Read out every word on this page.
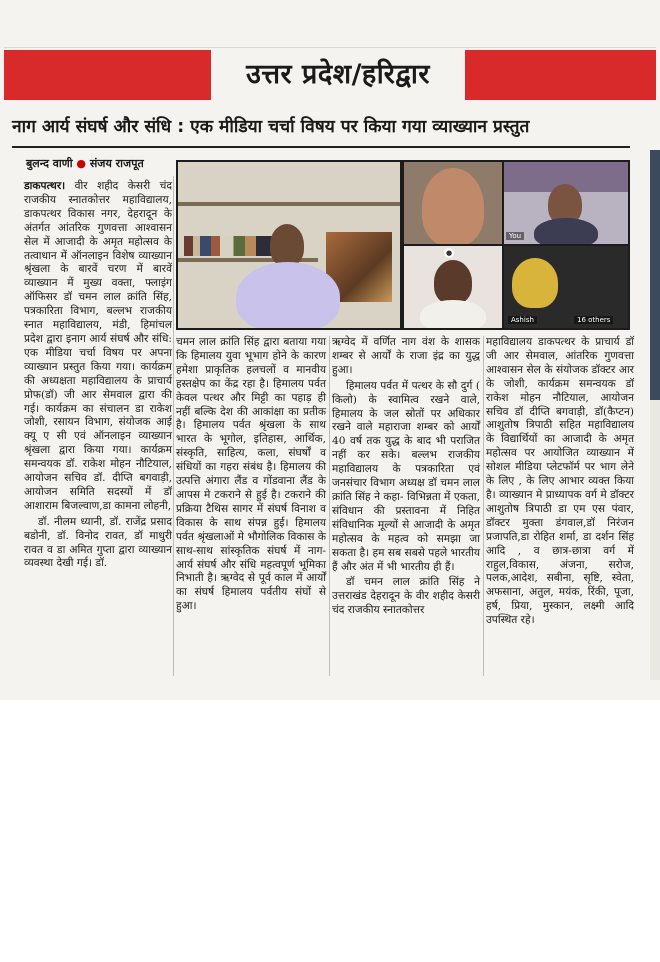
उत्तर प्रदेश/हरिद्वार
नाग आर्य संघर्ष और संधि : एक मीडिया चर्चा विषय पर किया गया व्याख्यान प्रस्तुत
बुलन्द वाणी ● संजय राजपूत
You
●
Ashish	16 others

डाकपत्थर। वीर शहीद केसरी चंद राजकीय स्नातकोत्तर महाविद्यालय, डाकपत्थर विकास नगर, देहरादून के अंतर्गत आंतरिक गुणवत्ता आश्वासन सेल में आजादी के अमृत महोत्सव के तत्वाधान में ऑनलाइन विशेष व्याख्यान श्रृंखला के बारवें चरण में बारवें व्याख्यान में मुख्य वक्ता, फ्लाइंग ऑफिसर डॉ चमन लाल क्रांति सिंह, पत्रकारिता विभाग, बल्लभ राजकीय स्नात महाविद्यालय, मंडी, हिमांचल प्रदेश द्वारा इनाग आर्य संघर्ष और संधि: एक मीडिया चर्चा विषय पर अपना व्याख्यान प्रस्तुत किया गया। कार्यक्रम की अध्यक्षता महाविद्यालय के प्राचार्य प्रोफ(डॉ) जी आर सेमवाल द्वारा की गई। कार्यक्रम का संचालन डा राकेश जोशी, रसायन विभाग, संयोजक आई क्यू ए सी एवं ऑनलाइन व्याख्यान श्रृंखला द्वारा किया गया। कार्यक्रम समन्वयक डॉ. राकेश मोहन नौटियाल, आयोजन सचिव डॉ. दीप्ति बगवाड़ी, आयोजन समिति सदस्यों में डॉ आशाराम बिजल्वाण,डा कामना लोहनी,

डॉ. नीलम ध्यानी, डॉ. राजेंद्र प्रसाद बडोनी, डॉ. विनोद रावत, डॉ माधुरी रावत व डा अमित गुप्ता द्वारा व्याख्यान व्यवस्था देखी गई। डॉ.

चमन लाल क्रांति सिंह द्वारा बताया गया कि हिमालय युवा भूभाग होने के कारण हमेशा प्राकृतिक हलचलों व मानवीय हस्तक्षेप का केंद्र रहा है। हिमालय पर्वत केवल पत्थर और मिट्टी का पहाड़ ही नहीं बल्कि देश की आकांक्षा का प्रतीक है। हिमालय पर्वत श्रृंखला के साथ भारत के भूगोल, इतिहास, आर्थिक, संस्कृति, साहित्य, कला, संघर्षों व संधियों का गहरा संबंध है। हिमालय की उत्पत्ति अंगारा लैंड व गोंडवाना लैंड के आपस मे टकराने से हुई है। टकराने की प्रक्रिया टैथिस सागर में संघर्ष विनाश व विकास के साथ संपन्न हुई। हिमालय पर्वत श्रृंखलाओं मे भौगोलिक विकास के साथ-साथ सांस्कृतिक संघर्ष में नाग-आर्य संघर्ष और संधि महत्वपूर्ण भूमिका निभाती है। ऋग्वेद से पूर्व काल में आर्यों का संघर्ष हिमालय पर्वतीय संघों से हुआ।

ऋग्वेद में वर्णित नाग वंश के शासक शम्बर से आर्यों के राजा इंद्र का युद्ध हुआ।

हिमालय पर्वत में पत्थर के सौ दुर्ग ( किलो) के स्वामित्व रखने वाले, हिमालय के जल स्रोतों पर अधिकार रखने वाले महाराजा शम्बर को आर्यों 40 वर्ष तक युद्ध के बाद भी पराजित नहीं कर सके। बल्लभ राजकीय महाविद्यालय के पत्रकारिता एवं जनसंचार विभाग अध्यक्ष डॉ चमन लाल क्रांति सिंह ने कहा- विभिन्नता में एकता, संविधान की प्रस्तावना में निहित संविधानिक मूल्यों से आजादी के अमृत महोत्सव के महत्व को समझा जा सकता है। हम सब सबसे पहले भारतीय हैं और अंत में भी भारतीय ही हैं।

डॉ चमन लाल क्रांति सिंह ने उत्तराखंड देहरादून के वीर शहीद केसरी चंद राजकीय स्नातकोत्तर

महाविद्यालय डाकपत्थर के प्राचार्य डॉ जी आर सेमवाल, आंतरिक गुणवत्ता आश्वासन सेल के संयोजक डॉक्टर आर के जोशी, कार्यक्रम समन्वयक डॉ राकेश मोहन नौटियाल, आयोजन सचिव डॉ दीप्ति बगवाड़ी, डॉ(कैप्टन) आशुतोष त्रिपाठी सहित महाविद्यालय के विद्यार्थियों का आजादी के अमृत महोत्सव पर आयोजित व्याख्यान में सोशल मीडिया प्लेटफॉर्म पर भाग लेने के लिए , के लिए आभार व्यक्त किया है। व्याख्यान मे प्राध्यापक वर्ग मे डॉक्टर आशुतोष त्रिपाठी डा एम एस पंवार, डॉक्टर मुक्ता डंगवाल,डॉ निरंजन प्रजापति,डा रोहित शर्मा, डा दर्शन सिंह आदि , व छात्र-छात्रा वर्ग में राहुल,विकास, अंजना, सरोज, पलक,आदेश, सबीना, सृष्टि, स्वेता, अफसाना, अतुल, मयंक, रिंकी, पूजा, हर्ष, प्रिया, मुस्कान, लक्ष्मी आदि उपस्थित रहे।
